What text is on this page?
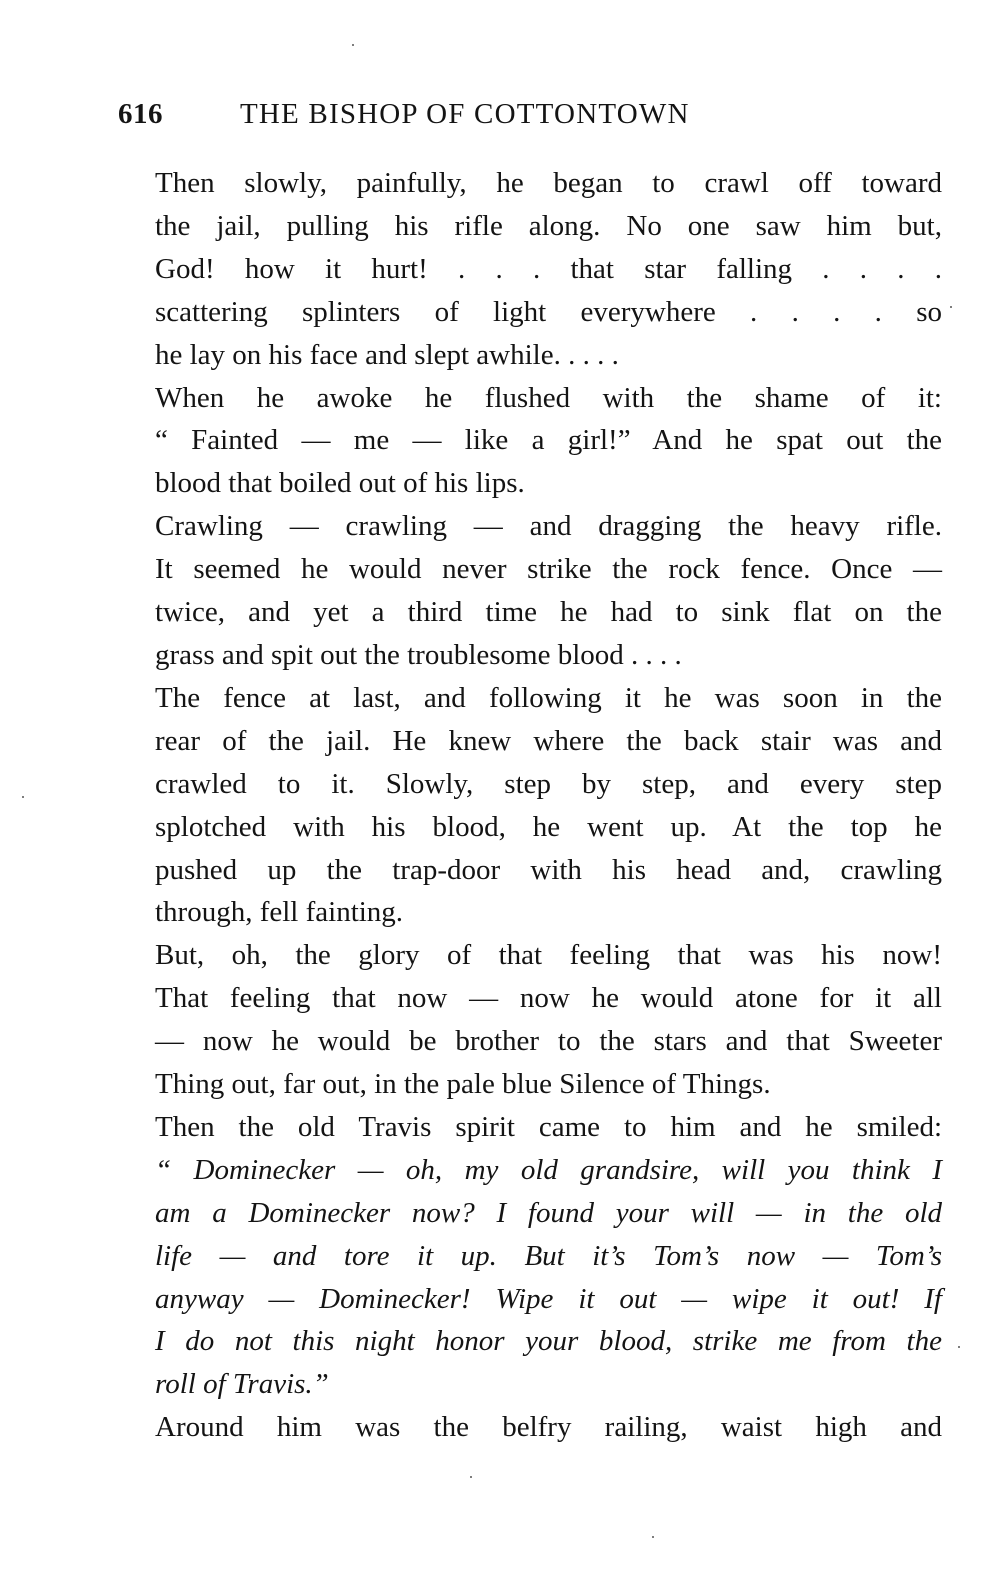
616	THE BISHOP OF COTTONTOWN

Then slowly, painfully, he began to crawl off toward
the jail, pulling his rifle along. No one saw him but,
God! how it hurt! . . . that star falling . . . .
scattering splinters of light everywhere . . . . so
he lay on his face and slept awhile. . . . .

When he awoke he flushed with the shame of it:
“ Fainted — me — like a girl!” And he spat out the
blood that boiled out of his lips.

Crawling — crawling — and dragging the heavy rifle.
It seemed he would never strike the rock fence. Once —
twice, and yet a third time he had to sink flat on the
grass and spit out the troublesome blood . . . .

The fence at last, and following it he was soon in the
rear of the jail. He knew where the back stair was and
crawled to it. Slowly, step by step, and every step
splotched with his blood, he went up. At the top he
pushed up the trap-door with his head and, crawling
through, fell fainting.

But, oh, the glory of that feeling that was his now!
That feeling that now — now he would atone for it all
— now he would be brother to the stars and that Sweeter
Thing out, far out, in the pale blue Silence of Things.

Then the old Travis spirit came to him and he smiled:
“ Dominecker — oh, my old grandsire, will you think I
am a Dominecker now? I found your will — in the old
life — and tore it up. But it’s Tom’s now — Tom’s
anyway — Dominecker! Wipe it out — wipe it out! If
I do not this night honor your blood, strike me from the
roll of Travis.”

Around him was the belfry railing, waist high and
